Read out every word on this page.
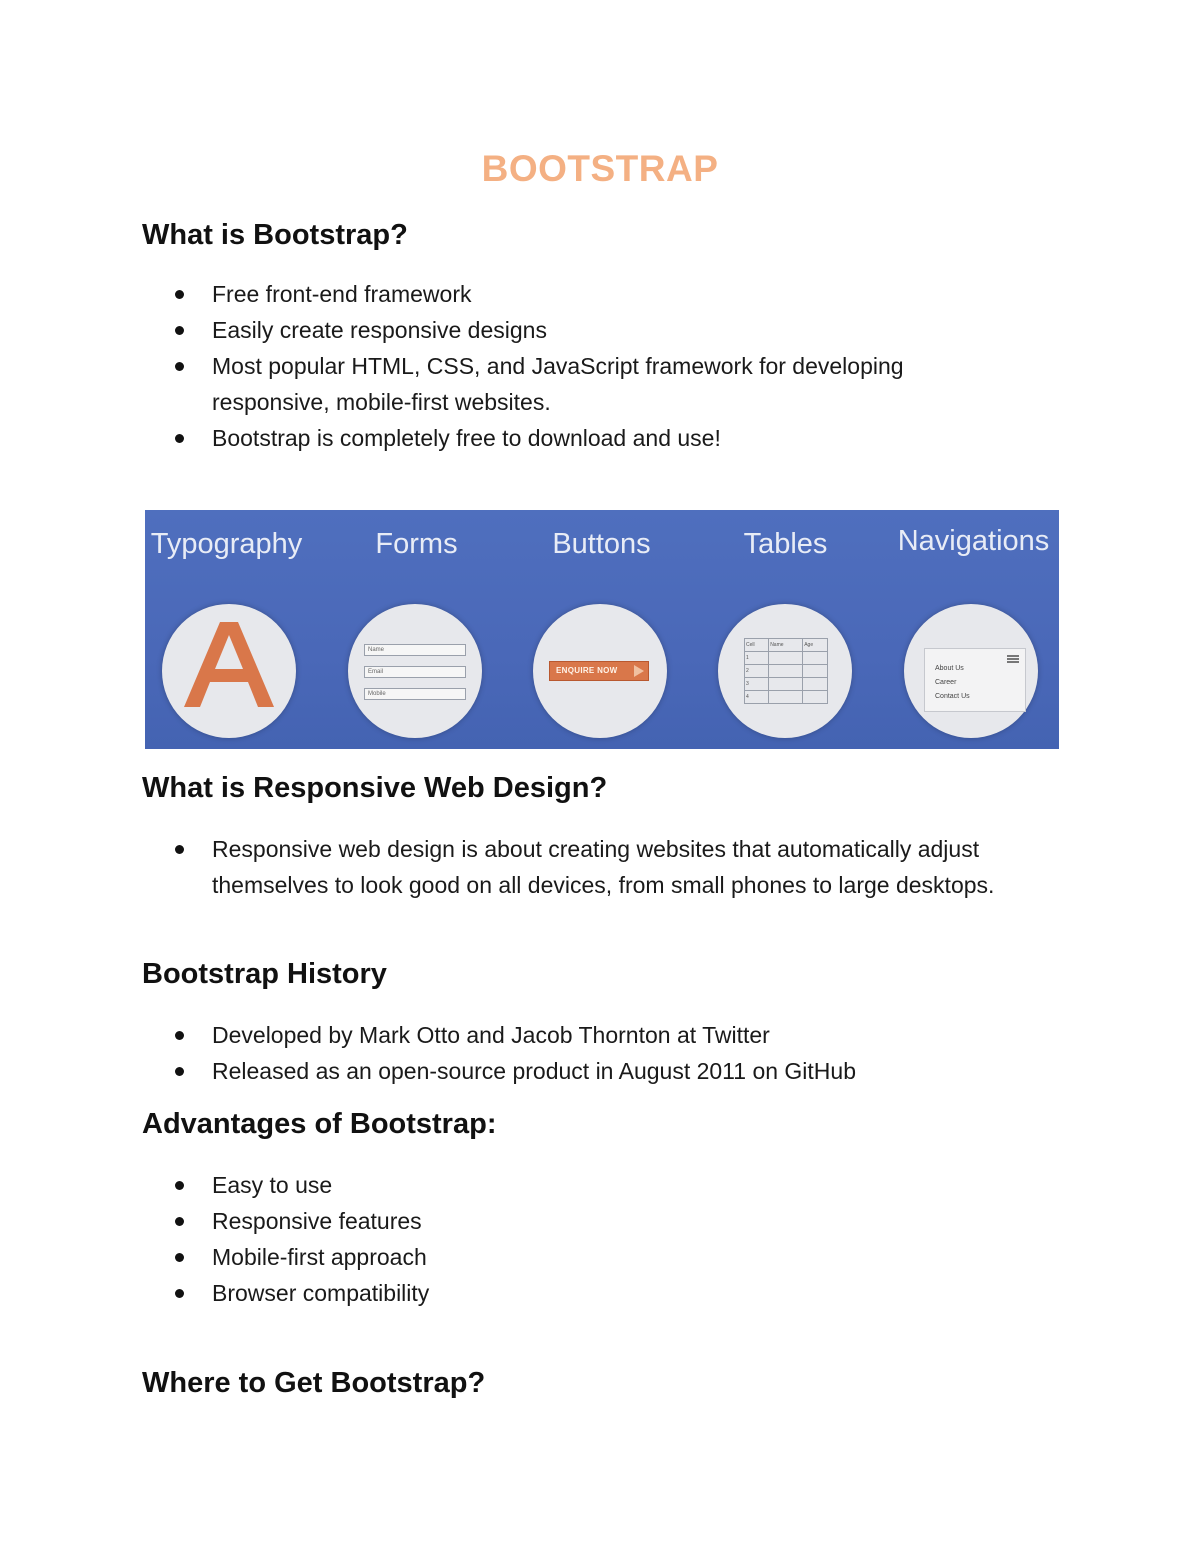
BOOTSTRAP
What is Bootstrap?
Free front-end framework
Easily create responsive designs
Most popular HTML, CSS, and JavaScript framework for developing responsive, mobile-first websites.
Bootstrap is completely free to download and use!
Typography	Forms
Name
Email
Mobile
Buttons
ENQUIRE NOW
Tables
Cell	Name	Age
1		
2		
3		
4		
Navigations
About Us
Career
Contact Us
What is Responsive Web Design?
Responsive web design is about creating websites that automatically adjust themselves to look good on all devices, from small phones to large desktops.
Bootstrap History
Developed by Mark Otto and Jacob Thornton at Twitter
Released as an open-source product in August 2011 on GitHub
Advantages of Bootstrap:
Easy to use
Responsive features
Mobile-first approach
Browser compatibility
Where to Get Bootstrap?
